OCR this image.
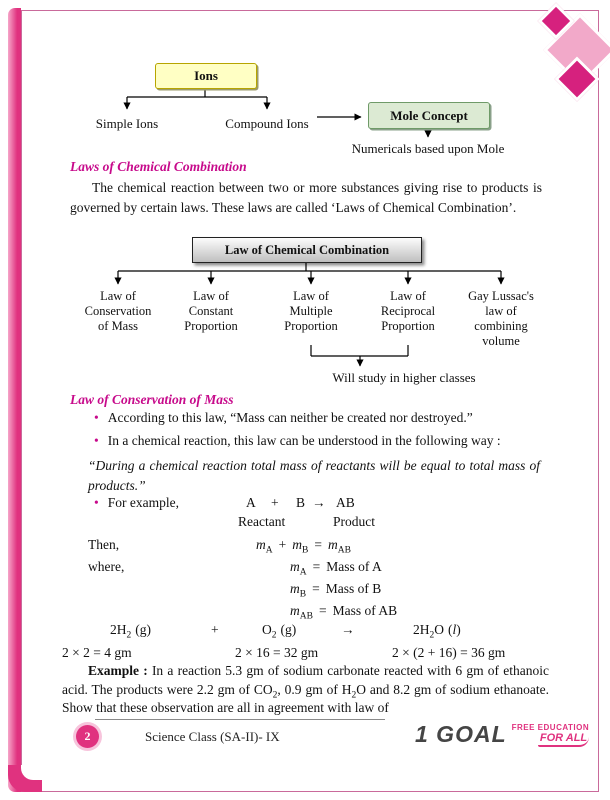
Ions
Simple Ions	Compound Ions
Mole Concept
Numericals based upon Mole
Laws of Chemical Combination
The chemical reaction between two or more substances giving rise to products is governed by certain laws. These laws are called ‘Laws of Chemical Combination’.
Law of Chemical Combination
Law of
Conservation
of Mass
Law of
Constant
Proportion
Law of
Multiple
Proportion
Law of
Reciprocal
Proportion
Gay Lussac's
law of
combining
volume
Will study in higher classes
Law of Conservation of Mass
• According to this law, “Mass can neither be created nor destroyed.”
• In a chemical reaction, this law can be understood in the following way :
“During a chemical reaction total mass of reactants will be equal to total mass of products.”
• For example,	A + B → AB
Reactant	Product
Then,	$m_A + m_B = m_{AB}$
where,	$m_A$ = Mass of A
$m_B$ = Mass of B
$m_{AB}$ = Mass of AB
$2H_2$ (g)	+	$O_2$ (g)	→	$2H_2O$ (l)
2 × 2 = 4 gm	2 × 16 = 32 gm	2 × (2 + 16) = 36 gm
Example : In a reaction 5.3 gm of sodium carbonate reacted with 6 gm of ethanoic acid. The products were 2.2 gm of $CO_2$, 0.9 gm of $H_2O$ and 8.2 gm of sodium ethanoate. Show that these observation are all in agreement with law of
2	Science Class (SA-II)- IX	1 GOAL FREE EDUCATION
FOR ALL
